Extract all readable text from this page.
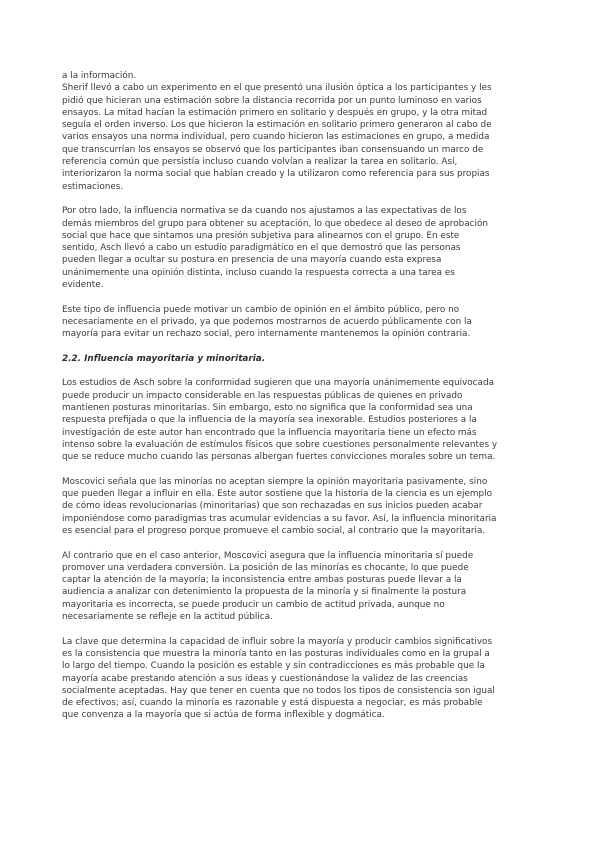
a la información.
Sherif llevó a cabo un experimento en el que presentó una ilusión óptica a los participantes y les
pidió que hicieran una estimación sobre la distancia recorrida por un punto luminoso en varios
ensayos. La mitad hacían la estimación primero en solitario y después en grupo, y la otra mitad
seguía el orden inverso. Los que hicieron la estimación en solitario primero generaron al cabo de
varios ensayos una norma individual, pero cuando hicieron las estimaciones en grupo, a medida
que transcurrían los ensayos se observó que los participantes iban consensuando un marco de
referencia común que persistía incluso cuando volvían a realizar la tarea en solitario. Así,
interiorizaron la norma social que habían creado y la utilizaron como referencia para sus propias
estimaciones.
Por otro lado, la influencia normativa se da cuando nos ajustamos a las expectativas de los
demás miembros del grupo para obtener su aceptación, lo que obedece al deseo de aprobación
social que hace que sintamos una presión subjetiva para alinearnos con el grupo. En este
sentido, Asch llevó a cabo un estudio paradigmático en el que demostró que las personas
pueden llegar a ocultar su postura en presencia de una mayoría cuando esta expresa
unánimemente una opinión distinta, incluso cuando la respuesta correcta a una tarea es
evidente.
Este tipo de influencia puede motivar un cambio de opinión en el ámbito público, pero no
necesariamente en el privado, ya que podemos mostrarnos de acuerdo públicamente con la
mayoría para evitar un rechazo social, pero internamente mantenemos la opinión contraria.
2.2. Influencia mayoritaria y minoritaria.
Los estudios de Asch sobre la conformidad sugieren que una mayoría unánimemente equivocada
puede producir un impacto considerable en las respuestas públicas de quienes en privado
mantienen posturas minoritarias. Sin embargo, esto no significa que la conformidad sea una
respuesta prefijada o que la influencia de la mayoría sea inexorable. Estudios posteriores a la
investigación de este autor han encontrado que la influencia mayoritaria tiene un efecto más
intenso sobre la evaluación de estímulos físicos que sobre cuestiones personalmente relevantes y
que se reduce mucho cuando las personas albergan fuertes convicciones morales sobre un tema.
Moscovici señala que las minorías no aceptan siempre la opinión mayoritaria pasivamente, sino
que pueden llegar a influir en ella. Este autor sostiene que la historia de la ciencia es un ejemplo
de cómo ideas revolucionarias (minoritarias) que son rechazadas en sus inicios pueden acabar
imponiéndose como paradigmas tras acumular evidencias a su favor. Así, la influencia minoritaria
es esencial para el progreso porque promueve el cambio social, al contrario que la mayoritaria.
Al contrario que en el caso anterior, Moscovici asegura que la influencia minoritaria sí puede
promover una verdadera conversión. La posición de las minorías es chocante, lo que puede
captar la atención de la mayoría; la inconsistencia entre ambas posturas puede llevar a la
audiencia a analizar con detenimiento la propuesta de la minoría y si finalmente la postura
mayoritaria es incorrecta, se puede producir un cambio de actitud privada, aunque no
necesariamente se refleje en la actitud pública.
La clave que determina la capacidad de influir sobre la mayoría y producir cambios significativos
es la consistencia que muestra la minoría tanto en las posturas individuales como en la grupal a
lo largo del tiempo. Cuando la posición es estable y sin contradicciones es más probable que la
mayoría acabe prestando atención a sus ideas y cuestionándose la validez de las creencias
socialmente aceptadas. Hay que tener en cuenta que no todos los tipos de consistencia son igual
de efectivos; así, cuando la minoría es razonable y está dispuesta a negociar, es más probable
que convenza a la mayoría que si actúa de forma inflexible y dogmática.
